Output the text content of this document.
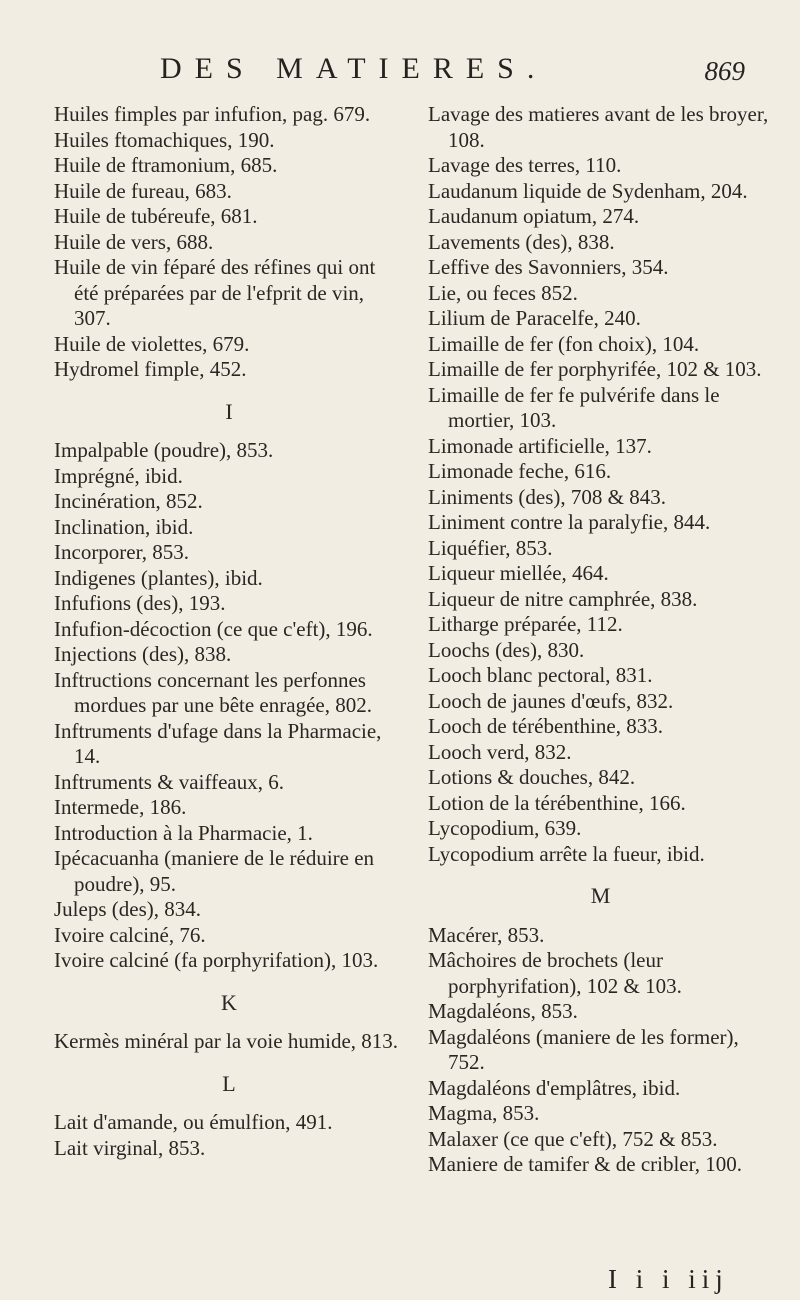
DES MATIERES.	869
Huiles fimples par infufion, pag. 679.
Huiles ftomachiques, 190.
Huile de ftramonium, 685.
Huile de fureau, 683.
Huile de tubéreufe, 681.
Huile de vers, 688.
Huile de vin féparé des réfines qui ont été préparées par de l'efprit de vin, 307.
Huile de violettes, 679.
Hydromel fimple, 452.
I
Impalpable (poudre), 853.
Imprégné, ibid.
Incinération, 852.
Inclination, ibid.
Incorporer, 853.
Indigenes (plantes), ibid.
Infufions (des), 193.
Infufion-décoction (ce que c'eft), 196.
Injections (des), 838.
Inftructions concernant les perfonnes mordues par une bête enragée, 802.
Inftruments d'ufage dans la Pharmacie, 14.
Inftruments & vaiffeaux, 6.
Intermede, 186.
Introduction à la Pharmacie, 1.
Ipécacuanha (maniere de le réduire en poudre), 95.
Juleps (des), 834.
Ivoire calciné, 76.
Ivoire calciné (fa porphyrifation), 103.
K
Kermès minéral par la voie humide, 813.
L
Lait d'amande, ou émulfion, 491.
Lait virginal, 853.
Lavage des matieres avant de les broyer, 108.
Lavage des terres, 110.
Laudanum liquide de Sydenham, 204.
Laudanum opiatum, 274.
Lavements (des), 838.
Leffive des Savonniers, 354.
Lie, ou feces 852.
Lilium de Paracelfe, 240.
Limaille de fer (fon choix), 104.
Limaille de fer porphyrifée, 102 & 103.
Limaille de fer fe pulvérife dans le mortier, 103.
Limonade artificielle, 137.
Limonade feche, 616.
Liniments (des), 708 & 843.
Liniment contre la paralyfie, 844.
Liquéfier, 853.
Liqueur miellée, 464.
Liqueur de nitre camphrée, 838.
Litharge préparée, 112.
Loochs (des), 830.
Looch blanc pectoral, 831.
Looch de jaunes d'œufs, 832.
Looch de térébenthine, 833.
Looch verd, 832.
Lotions & douches, 842.
Lotion de la térébenthine, 166.
Lycopodium, 639.
Lycopodium arrête la fueur, ibid.
M
Macérer, 853.
Mâchoires de brochets (leur porphyrifation), 102 & 103.
Magdaléons, 853.
Magdaléons (maniere de les former), 752.
Magdaléons d'emplâtres, ibid.
Magma, 853.
Malaxer (ce que c'eft), 752 & 853.
Maniere de tamifer & de cribler, 100.
I i i iij
